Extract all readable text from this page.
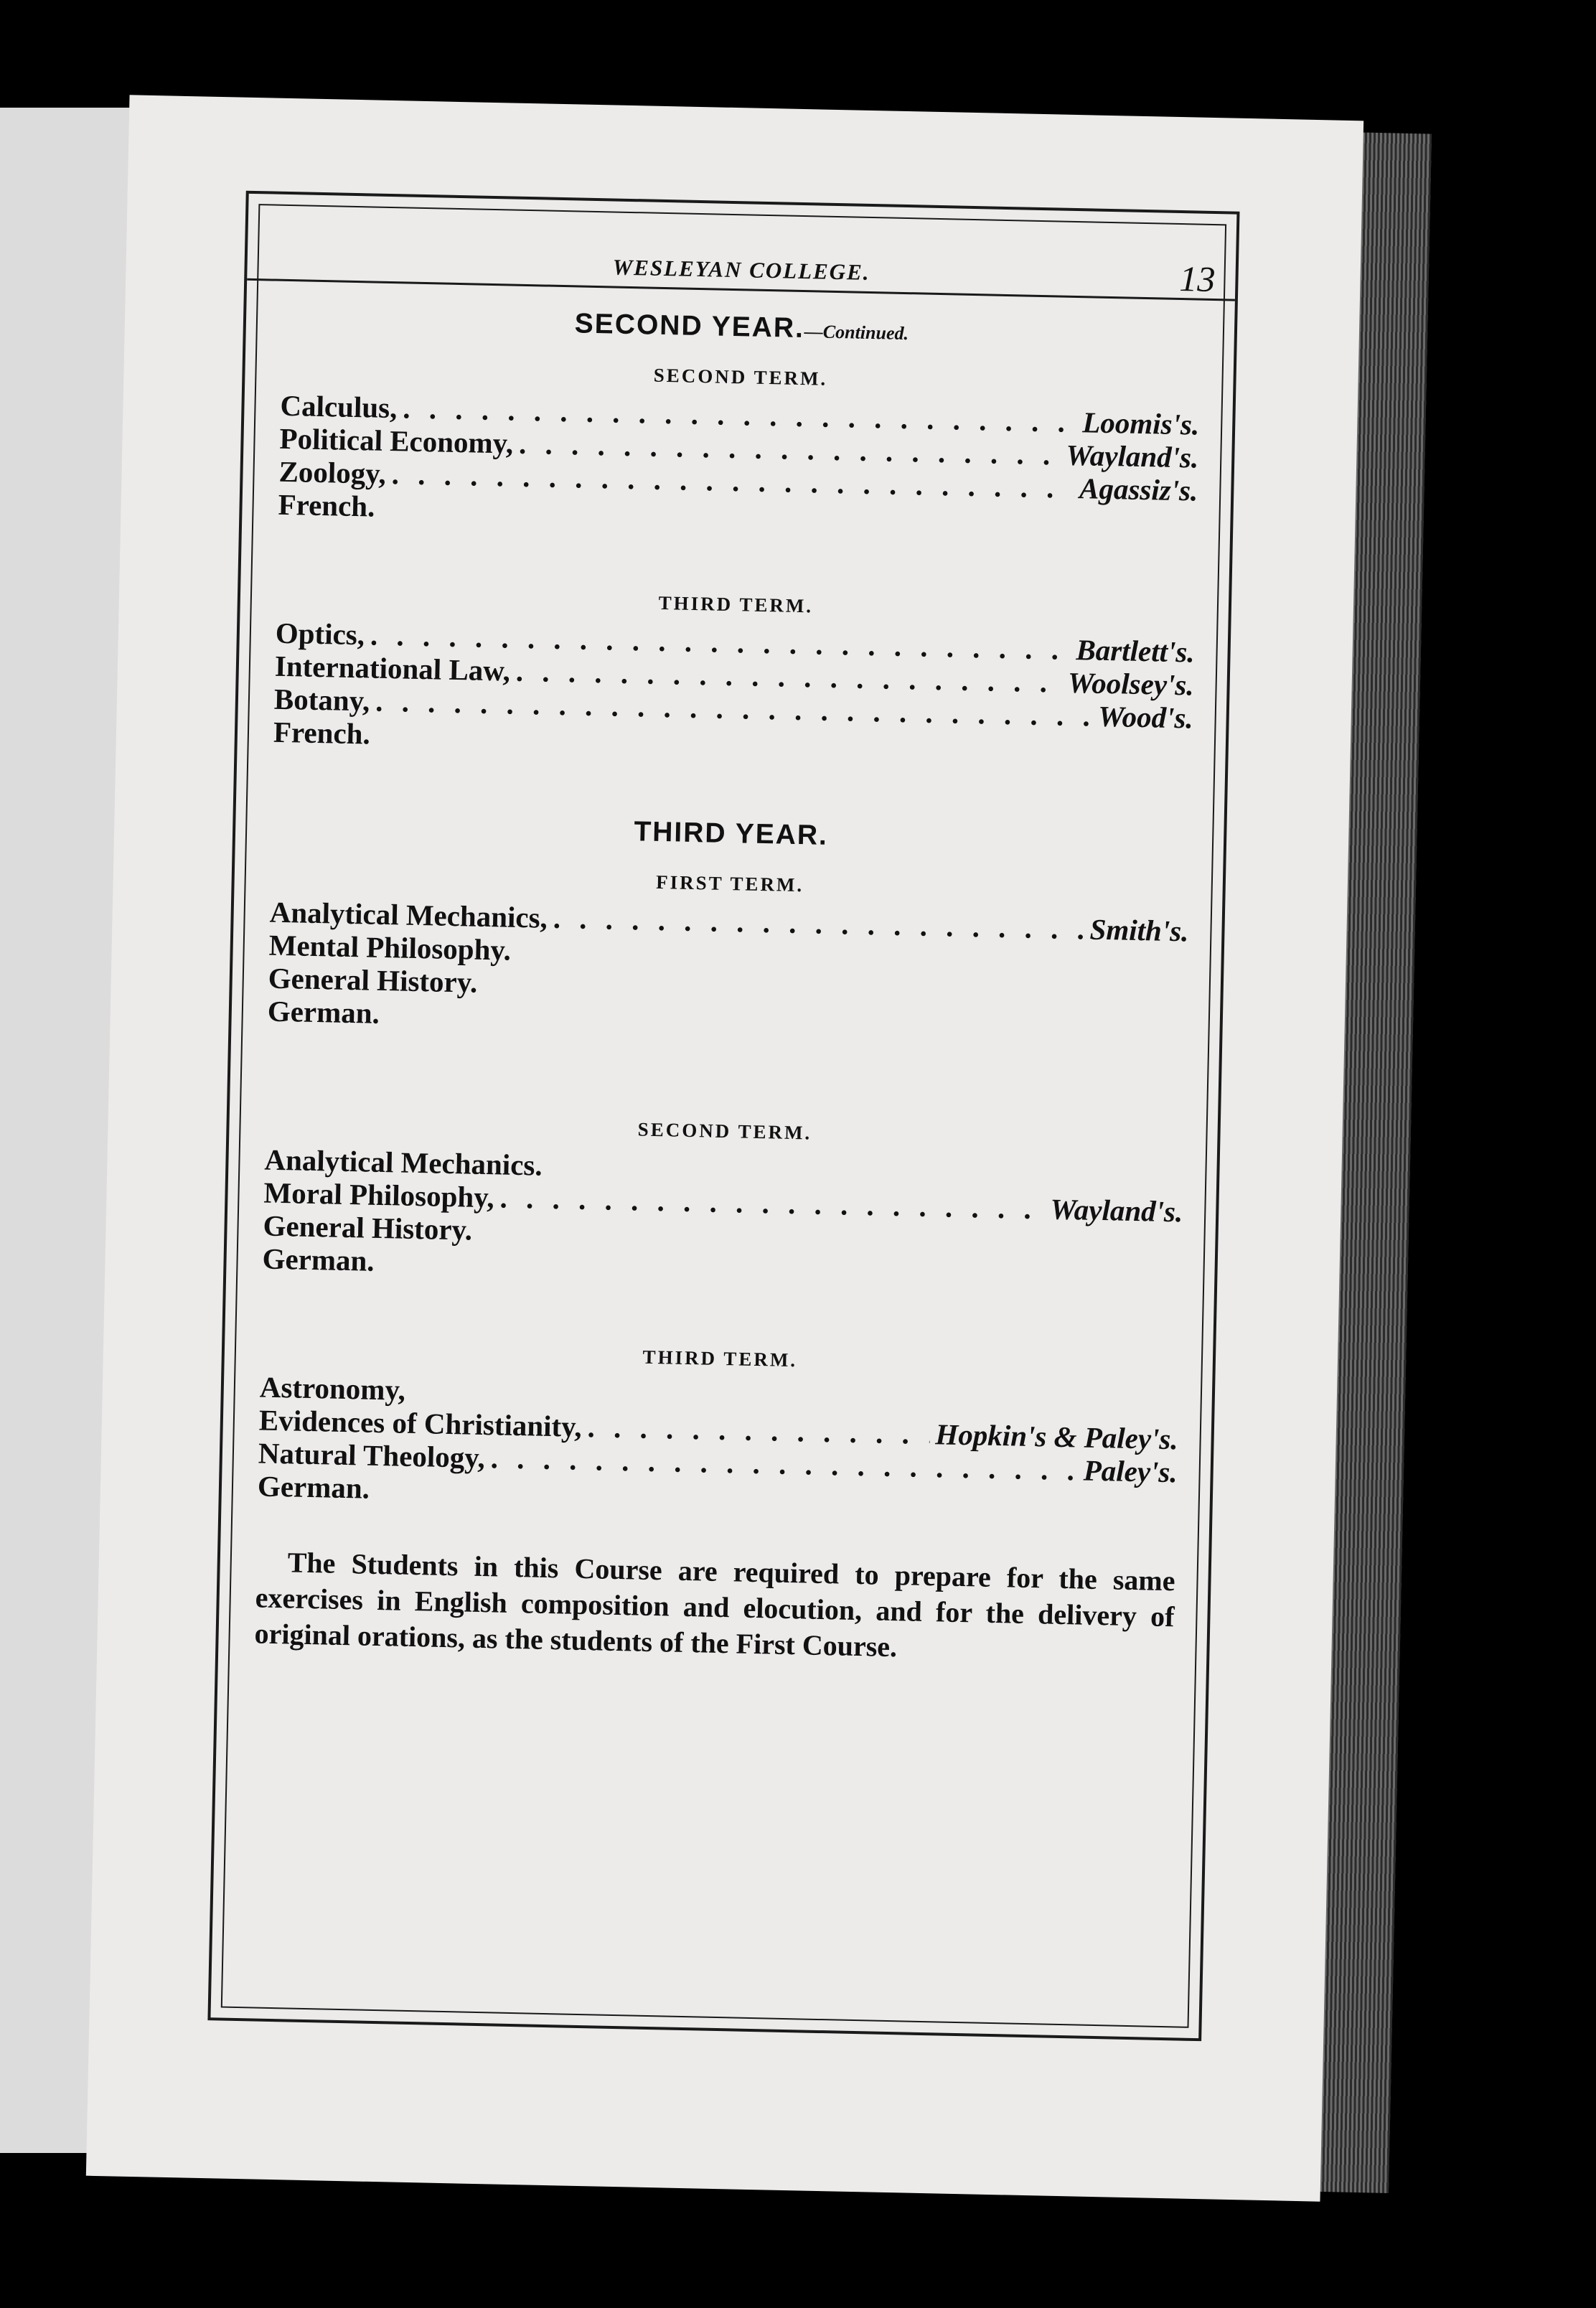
WESLEYAN COLLEGE.	13
SECOND YEAR.—Continued.
SECOND TERM.
Calculus, . . .	Loomis's.
Political Economy, . . .	Wayland's.
Zoology, . . .	Agassiz's.
French.
THIRD TERM.
Optics, . . .	Bartlett's.
International Law, . . .	Woolsey's.
Botany, . . .	Wood's.
French.
THIRD YEAR.
FIRST TERM.
Analytical Mechanics, . . .	Smith's.
Mental Philosophy.
General History.
German.
SECOND TERM.
Analytical Mechanics.
Moral Philosophy, . . .	Wayland's.
General History.
German.
THIRD TERM.
Astronomy,
Evidences of Christianity, . . .	Hopkin's & Paley's.
Natural Theology, . . .	Paley's.
German.

The Students in this Course are required to prepare for the same exercises in English composition and elocution, and for the delivery of original orations, as the students of the First Course.
